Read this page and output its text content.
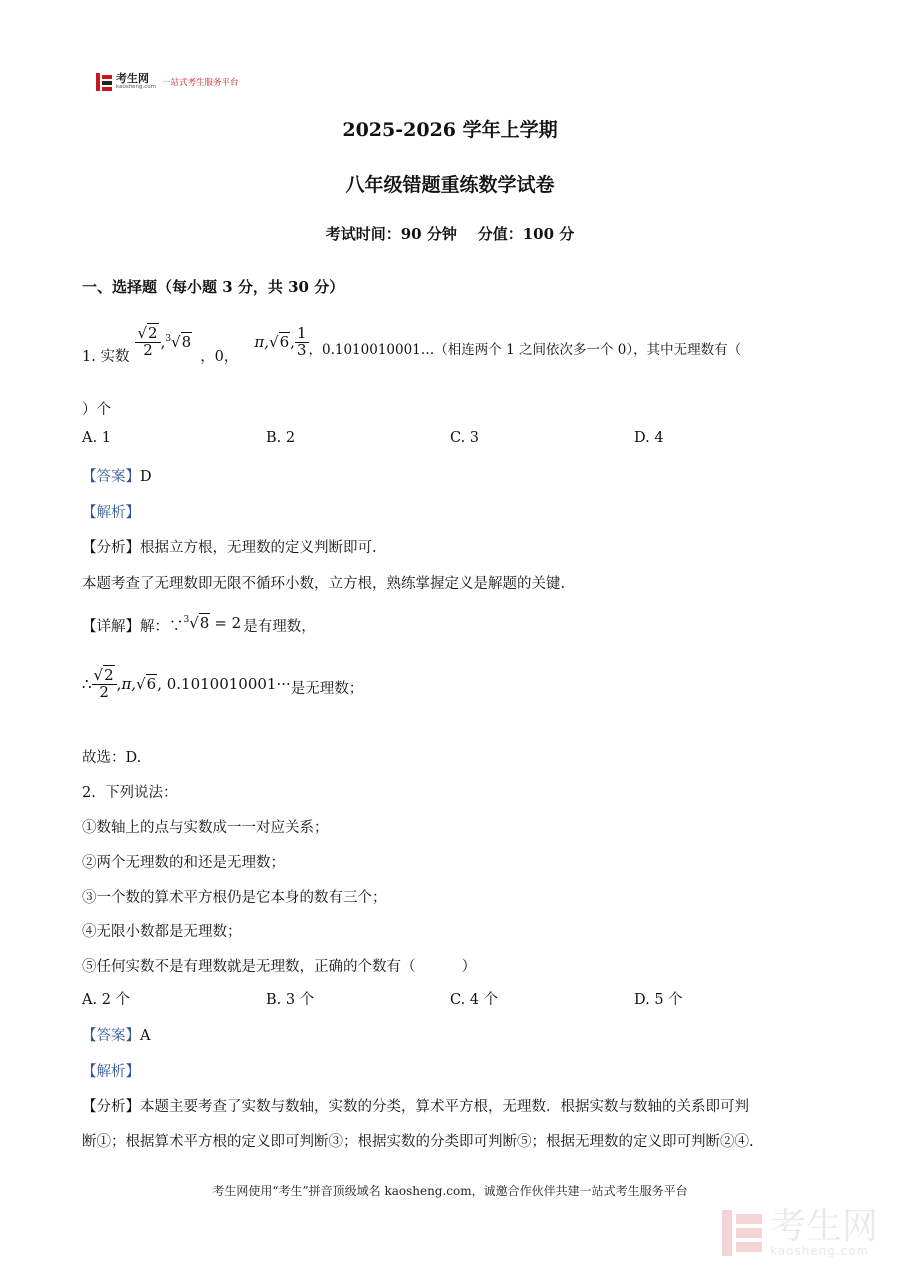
考生网
kaosheng.com 一站式考生服务平台
2025-2026 学年上学期
八年级错题重练数学试卷
考试时间：90 分钟    分值：100 分
一、选择题（每小题 3 分，共 30 分）
1. 实数 $\frac{√2}{2}$ , $^3$√8
，0，
π, √6, $\frac{1}{3}$ ，0.1010010001…（相连两个 1 之间依次多一个 0），其中无理数有（
）个
A. 1	B. 2	C. 3	D. 4
【答案】D
【解析】
【分析】根据立方根，无理数的定义判断即可.
本题考查了无理数即无限不循环小数，立方根，熟练掌握定义是解题的关键.
【详解】 解：∵ $^3$√8 = 2 是有理数，
∴ $\frac{√2}{2}$ , π, √6 , 0.1010010001··· 是无理数；
故选：D.
2.  下列说法：
①数轴上的点与实数成一一对应关系；
②两个无理数的和还是无理数；
③一个数的算术平方根仍是它本身的数有三个；
④无限小数都是无理数；
⑤任何实数不是有理数就是无理数，正确的个数有（          ）
A. 2 个	B. 3 个	C. 4 个	D. 5 个
【答案】A
【解析】
【分析】本题主要考查了实数与数轴，实数的分类，算术平方根，无理数．根据实数与数轴的关系即可判
断①；根据算术平方根的定义即可判断③；根据实数的分类即可判断⑤；根据无理数的定义即可判断②④.
考生网使用“考生”拼音顶级域名 kaosheng.com，诚邀合作伙伴共建一站式考生服务平台
考生网
kaosheng.com
